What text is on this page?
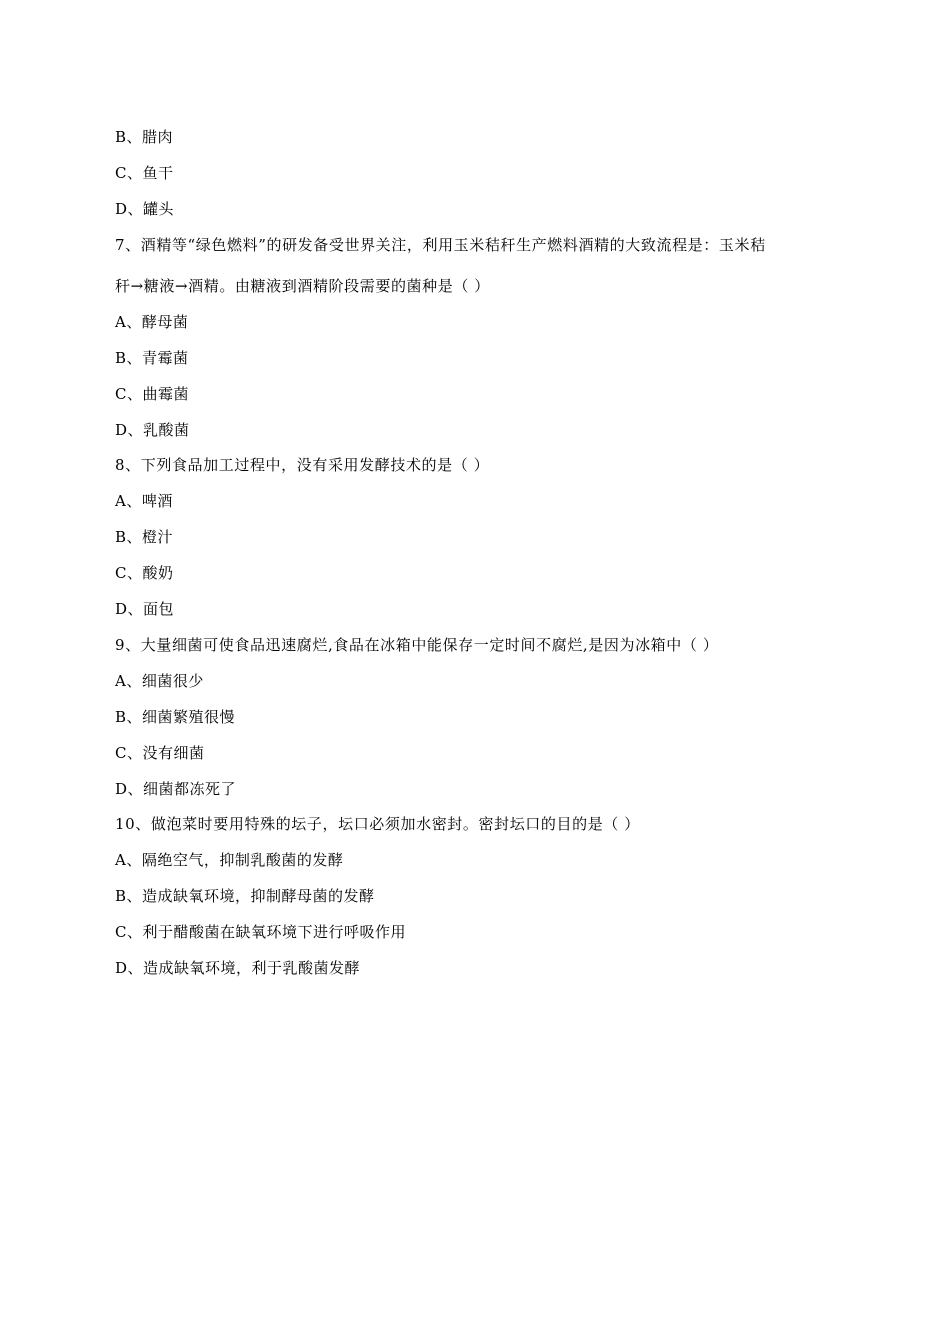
B、腊肉
C、鱼干
D、罐头
7、酒精等“绿色燃料”的研发备受世界关注，利用玉米秸秆生产燃料酒精的大致流程是：玉米秸
秆→糖液→酒精。由糖液到酒精阶段需要的菌种是（ ）
A、酵母菌
B、青霉菌
C、曲霉菌
D、乳酸菌
8、下列食品加工过程中，没有采用发酵技术的是（ ）
A、啤酒
B、橙汁
C、酸奶
D、面包
9、大量细菌可使食品迅速腐烂,食品在冰箱中能保存一定时间不腐烂,是因为冰箱中（ ）
A、细菌很少
B、细菌繁殖很慢
C、没有细菌
D、细菌都冻死了
10、做泡菜时要用特殊的坛子，坛口必须加水密封。密封坛口的目的是（ ）
A、隔绝空气，抑制乳酸菌的发酵
B、造成缺氧环境，抑制酵母菌的发酵
C、利于醋酸菌在缺氧环境下进行呼吸作用
D、造成缺氧环境，利于乳酸菌发酵
